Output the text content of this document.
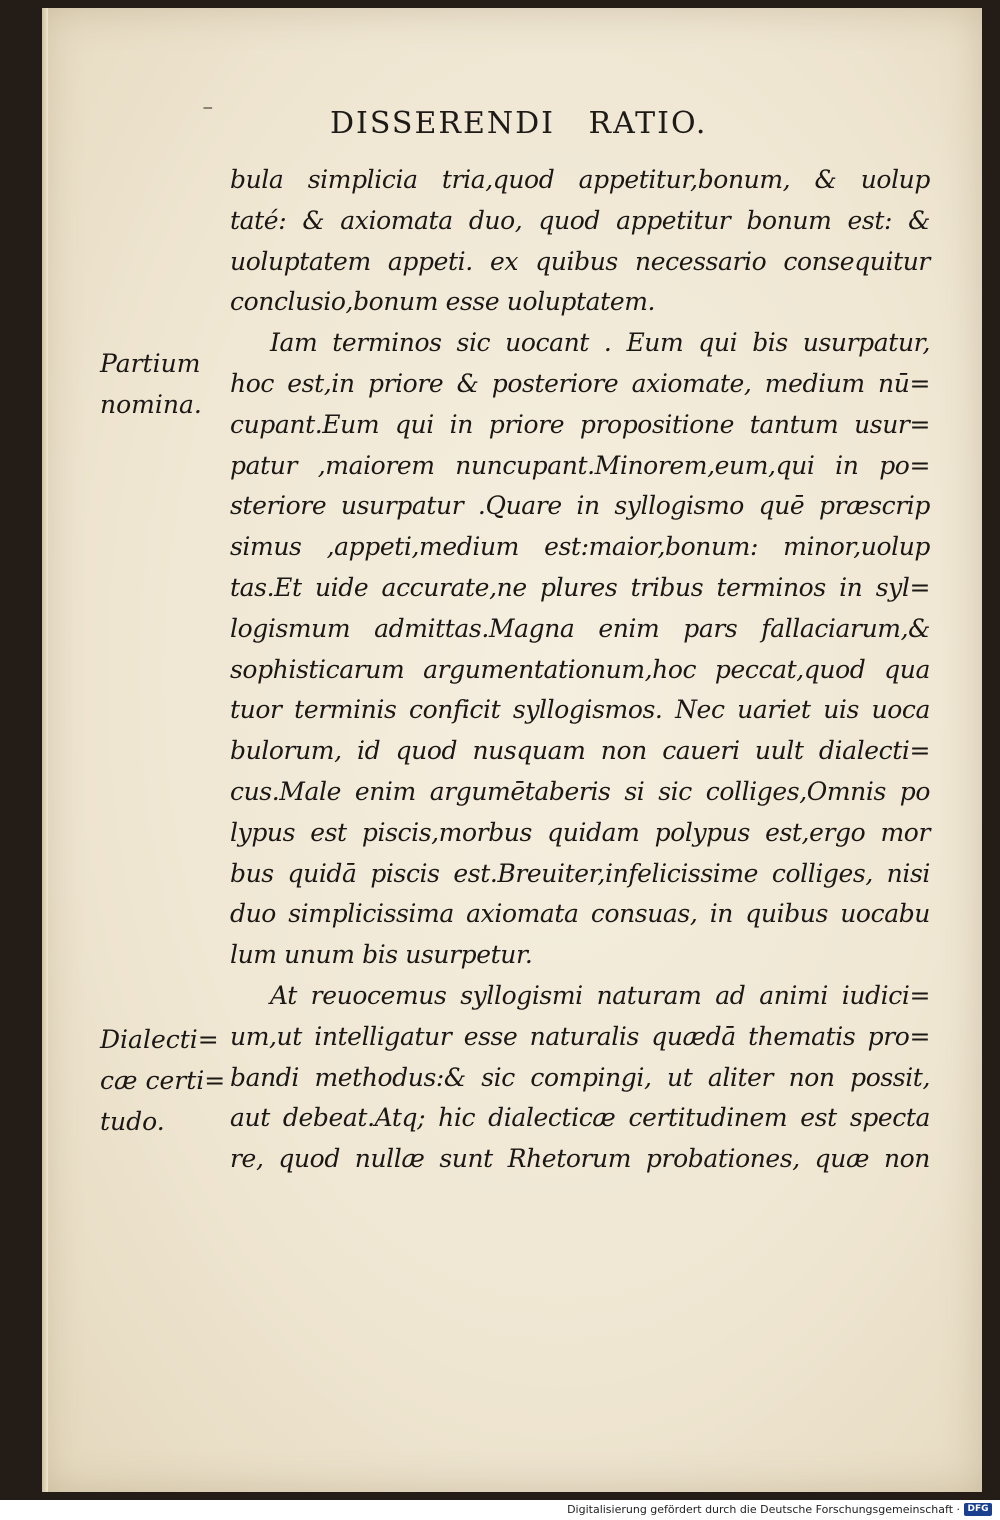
⁻	DISSERENDI RATIO.

Partium

nomina.

Dialecti=

cæ certi=

tudo.

bula simplicia tria,quod appetitur,bonum, & uolup

taté: & axiomata duo, quod appetitur bonum est: &

uoluptatem appeti. ex quibus necessario consequitur

conclusio,bonum esse uoluptatem.

Iam terminos sic uocant . Eum qui bis usurpatur,

hoc est,in priore & posteriore axiomate, medium nū=

cupant.Eum qui in priore propositione tantum usur=

patur ,maiorem nuncupant.Minorem,eum,qui in po=

steriore usurpatur .Quare in syllogismo quē præscrip

simus ,appeti,medium est:maior,bonum: minor,uolup

tas.Et uide accurate,ne plures tribus terminos in syl=

logismum admittas.Magna enim pars fallaciarum,&

sophisticarum argumentationum,hoc peccat,quod qua

tuor terminis conficit syllogismos. Nec uariet uis uoca

bulorum, id quod nusquam non caueri uult dialecti=

cus.Male enim argumētaberis si sic colliges,Omnis po

lypus est piscis,morbus quidam polypus est,ergo mor

bus quidā piscis est.Breuiter,infelicissime colliges, nisi

duo simplicissima axiomata consuas, in quibus uocabu

lum unum bis usurpetur.

At reuocemus syllogismi naturam ad animi iudici=

um,ut intelligatur esse naturalis quædā thematis pro=

bandi methodus:& sic compingi, ut aliter non possit,

aut debeat.Atq; hic dialecticæ certitudinem est specta

re, quod nullæ sunt Rhetorum probationes, quæ non

Digitalisierung gefördert durch die Deutsche Forschungsgemeinschaft · DFG
